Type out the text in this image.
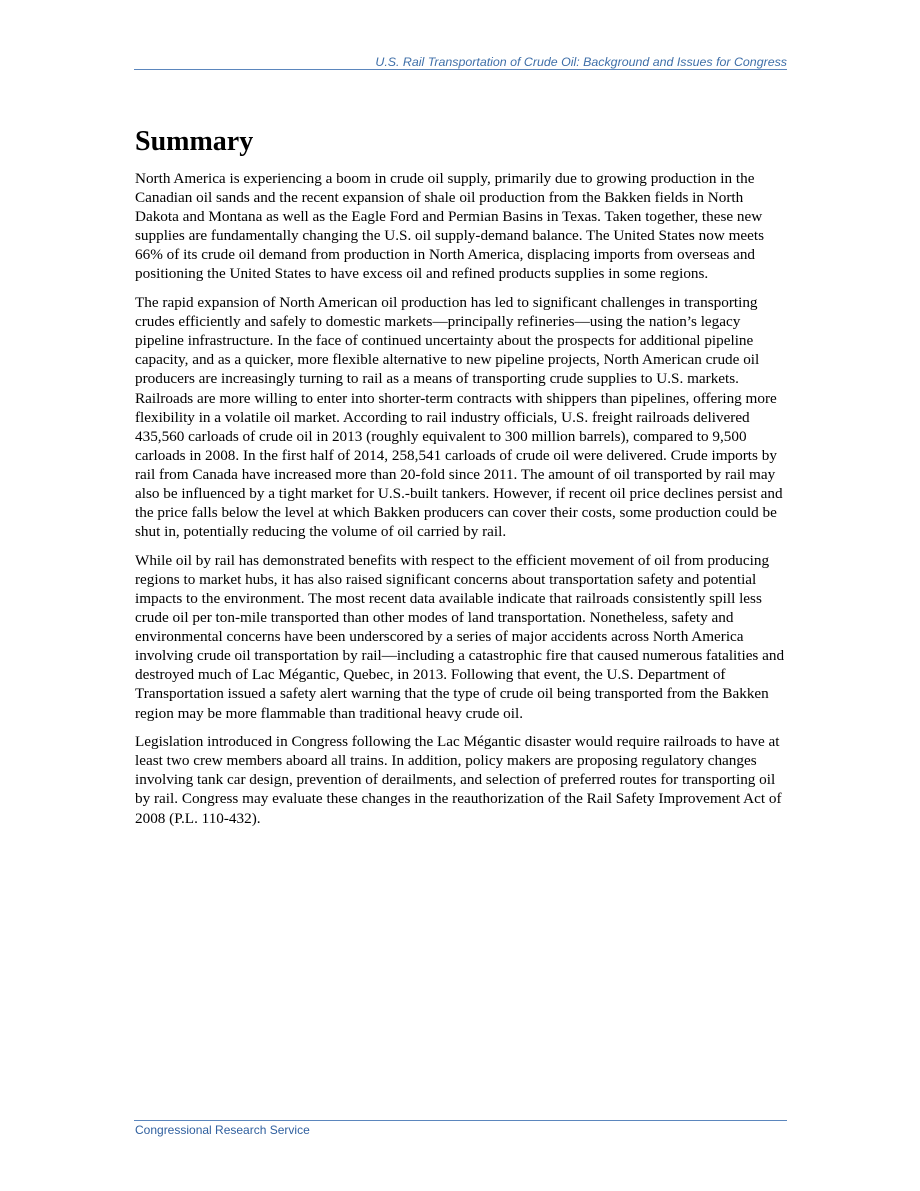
U.S. Rail Transportation of Crude Oil: Background and Issues for Congress
Summary

North America is experiencing a boom in crude oil supply, primarily due to growing production in the Canadian oil sands and the recent expansion of shale oil production from the Bakken fields in North Dakota and Montana as well as the Eagle Ford and Permian Basins in Texas. Taken together, these new supplies are fundamentally changing the U.S. oil supply-demand balance. The United States now meets 66% of its crude oil demand from production in North America, displacing imports from overseas and positioning the United States to have excess oil and refined products supplies in some regions.

The rapid expansion of North American oil production has led to significant challenges in transporting crudes efficiently and safely to domestic markets—principally refineries—using the nation’s legacy pipeline infrastructure. In the face of continued uncertainty about the prospects for additional pipeline capacity, and as a quicker, more flexible alternative to new pipeline projects, North American crude oil producers are increasingly turning to rail as a means of transporting crude supplies to U.S. markets. Railroads are more willing to enter into shorter-term contracts with shippers than pipelines, offering more flexibility in a volatile oil market. According to rail industry officials, U.S. freight railroads delivered 435,560 carloads of crude oil in 2013 (roughly equivalent to 300 million barrels), compared to 9,500 carloads in 2008. In the first half of 2014, 258,541 carloads of crude oil were delivered. Crude imports by rail from Canada have increased more than 20-fold since 2011. The amount of oil transported by rail may also be influenced by a tight market for U.S.-built tankers. However, if recent oil price declines persist and the price falls below the level at which Bakken producers can cover their costs, some production could be shut in, potentially reducing the volume of oil carried by rail.

While oil by rail has demonstrated benefits with respect to the efficient movement of oil from producing regions to market hubs, it has also raised significant concerns about transportation safety and potential impacts to the environment. The most recent data available indicate that railroads consistently spill less crude oil per ton-mile transported than other modes of land transportation. Nonetheless, safety and environmental concerns have been underscored by a series of major accidents across North America involving crude oil transportation by rail—including a catastrophic fire that caused numerous fatalities and destroyed much of Lac Mégantic, Quebec, in 2013. Following that event, the U.S. Department of Transportation issued a safety alert warning that the type of crude oil being transported from the Bakken region may be more flammable than traditional heavy crude oil.

Legislation introduced in Congress following the Lac Mégantic disaster would require railroads to have at least two crew members aboard all trains. In addition, policy makers are proposing regulatory changes involving tank car design, prevention of derailments, and selection of preferred routes for transporting oil by rail. Congress may evaluate these changes in the reauthorization of the Rail Safety Improvement Act of 2008 (P.L. 110-432).

Congressional Research Service
